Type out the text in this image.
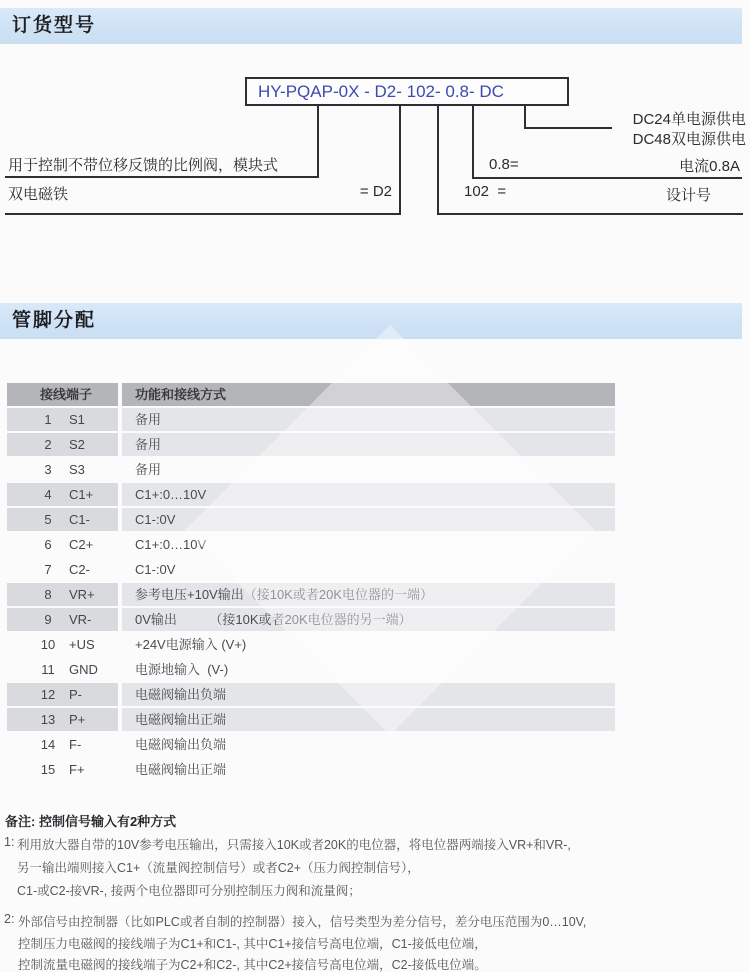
订货型号
HY-PQAP-0X - D2- 102- 0.8- DC
DC24单电源供电
DC48双电源供电
0.8=	电流0.8A
102  =	设计号
用于控制不带位移反馈的比例阀，模块式
双电磁铁	= D2
管脚分配
接线端子	功能和接线方式
1 S1	备用
2 S2	备用
3 S3	备用
4 C1+	C1+:0…10V
5 C1-	C1-:0V
6 C2+	C1+:0…10V
7 C2-	C1-:0V
8 VR+	参考电压+10V输出（接10K或者20K电位器的一端）
9 VR-	0V输出　　　（接10K或者20K电位器的另一端）
10 +US	+24V电源输入 (V+)
11 GND	电源地输入  (V-)
12 P-	电磁阀输出负端
13 P+	电磁阀输出正端
14 F-	电磁阀输出负端
15 F+	电磁阀输出正端
备注: 控制信号输入有2种方式
1: 利用放大器自带的10V参考电压输出，只需接入10K或者20K的电位器，将电位器两端接入VR+和VR-,
另一输出端则接入C1+（流量阀控制信号）或者C2+（压力阀控制信号），
C1-或C2-接VR-, 接两个电位器即可分别控制压力阀和流量阀；
2: 外部信号由控制器（比如PLC或者自制的控制器）接入，信号类型为差分信号，差分电压范围为0…10V,
控制压力电磁阀的接线端子为C1+和C1-, 其中C1+接信号高电位端，C1-接低电位端，
控制流量电磁阀的接线端子为C2+和C2-, 其中C2+接信号高电位端，C2-接低电位端。
